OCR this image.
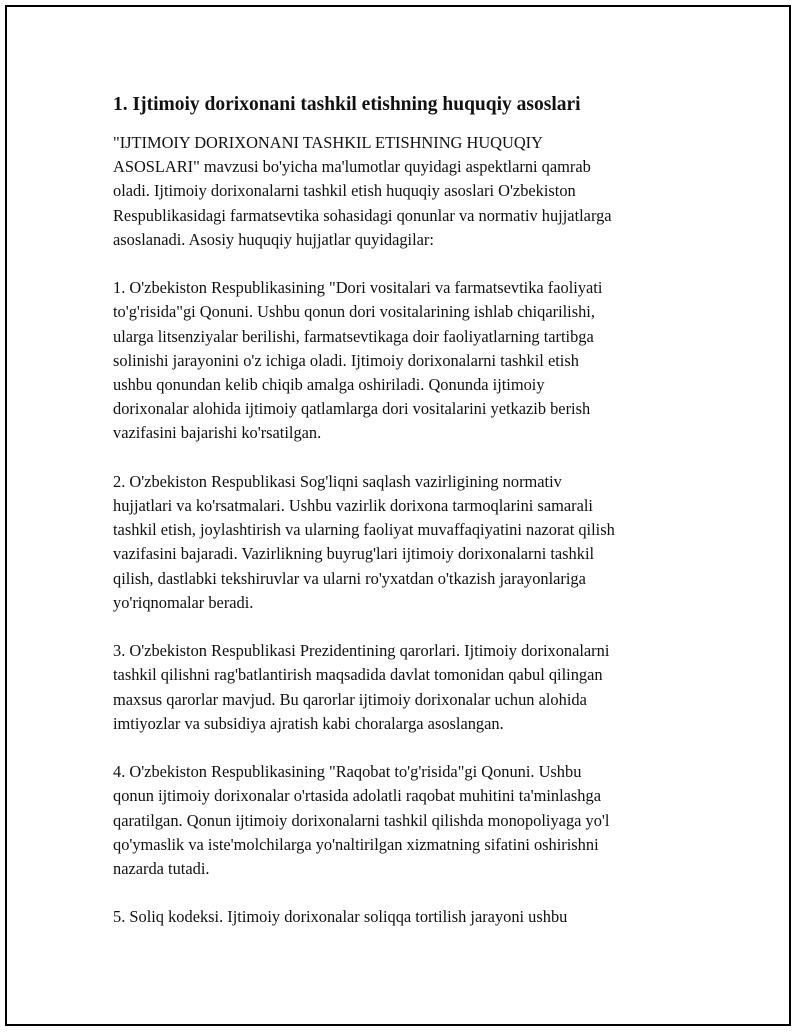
1. Ijtimoiy dorixonani tashkil etishning huquqiy asoslari

"IJTIMOIY DORIXONANI TASHKIL ETISHNING HUQUQIY
ASOSLARI" mavzusi bo'yicha ma'lumotlar quyidagi aspektlarni qamrab
oladi. Ijtimoiy dorixonalarni tashkil etish huquqiy asoslari O'zbekiston
Respublikasidagi farmatsevtika sohasidagi qonunlar va normativ hujjatlarga
asoslanadi. Asosiy huquqiy hujjatlar quyidagilar:

1. O'zbekiston Respublikasining "Dori vositalari va farmatsevtika faoliyati
to'g'risida"gi Qonuni. Ushbu qonun dori vositalarining ishlab chiqarilishi,
ularga litsenziyalar berilishi, farmatsevtikaga doir faoliyatlarning tartibga
solinishi jarayonini o'z ichiga oladi. Ijtimoiy dorixonalarni tashkil etish
ushbu qonundan kelib chiqib amalga oshiriladi. Qonunda ijtimoiy
dorixonalar alohida ijtimoiy qatlamlarga dori vositalarini yetkazib berish
vazifasini bajarishi ko'rsatilgan.

2. O'zbekiston Respublikasi Sog'liqni saqlash vazirligining normativ
hujjatlari va ko'rsatmalari. Ushbu vazirlik dorixona tarmoqlarini samarali
tashkil etish, joylashtirish va ularning faoliyat muvaffaqiyatini nazorat qilish
vazifasini bajaradi. Vazirlikning buyrug'lari ijtimoiy dorixonalarni tashkil
qilish, dastlabki tekshiruvlar va ularni ro'yxatdan o'tkazish jarayonlariga
yo'riqnomalar beradi.

3. O'zbekiston Respublikasi Prezidentining qarorlari. Ijtimoiy dorixonalarni
tashkil qilishni rag'batlantirish maqsadida davlat tomonidan qabul qilingan
maxsus qarorlar mavjud. Bu qarorlar ijtimoiy dorixonalar uchun alohida
imtiyozlar va subsidiya ajratish kabi choralarga asoslangan.

4. O'zbekiston Respublikasining "Raqobat to'g'risida"gi Qonuni. Ushbu
qonun ijtimoiy dorixonalar o'rtasida adolatli raqobat muhitini ta'minlashga
qaratilgan. Qonun ijtimoiy dorixonalarni tashkil qilishda monopoliyaga yo'l
qo'ymaslik va iste'molchilarga yo'naltirilgan xizmatning sifatini oshirishni
nazarda tutadi.

5. Soliq kodeksi. Ijtimoiy dorixonalar soliqqa tortilish jarayoni ushbu
